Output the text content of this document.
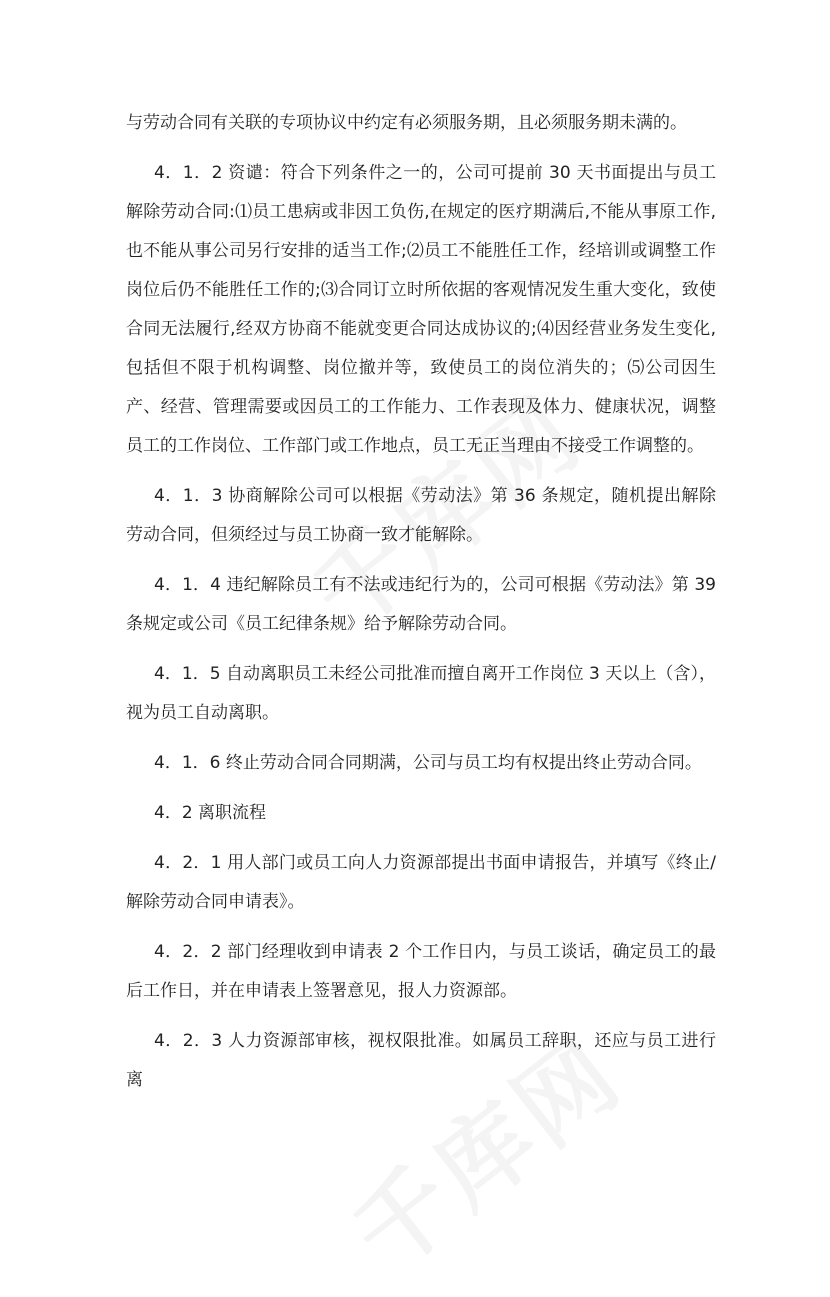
与劳动合同有关联的专项协议中约定有必须服务期，且必须服务期未满的。

4．1．2 资谴：符合下列条件之一的，公司可提前 30 天书面提出与员工解除劳动合同:⑴员工患病或非因工负伤,在规定的医疗期满后,不能从事原工作,也不能从事公司另行安排的适当工作;⑵员工不能胜任工作，经培训或调整工作岗位后仍不能胜任工作的;⑶合同订立时所依据的客观情况发生重大变化，致使合同无法履行,经双方协商不能就变更合同达成协议的;⑷因经营业务发生变化,包括但不限于机构调整、岗位撤并等，致使员工的岗位消失的；⑸公司因生产、经营、管理需要或因员工的工作能力、工作表现及体力、健康状况，调整员工的工作岗位、工作部门或工作地点，员工无正当理由不接受工作调整的。

4．1．3 协商解除公司可以根据《劳动法》第 36 条规定，随机提出解除劳动合同，但须经过与员工协商一致才能解除。

4．1．4 违纪解除员工有不法或违纪行为的，公司可根据《劳动法》第 39 条规定或公司《员工纪律条规》给予解除劳动合同。

4．1．5 自动离职员工未经公司批准而擅自离开工作岗位 3 天以上（含），视为员工自动离职。

4．1．6 终止劳动合同合同期满，公司与员工均有权提出终止劳动合同。

4．2 离职流程

4．2．1 用人部门或员工向人力资源部提出书面申请报告，并填写《终止/解除劳动合同申请表》。

4．2．2 部门经理收到申请表 2 个工作日内，与员工谈话，确定员工的最后工作日，并在申请表上签署意见，报人力资源部。

4．2．3 人力资源部审核，视权限批准。如属员工辞职，还应与员工进行离
